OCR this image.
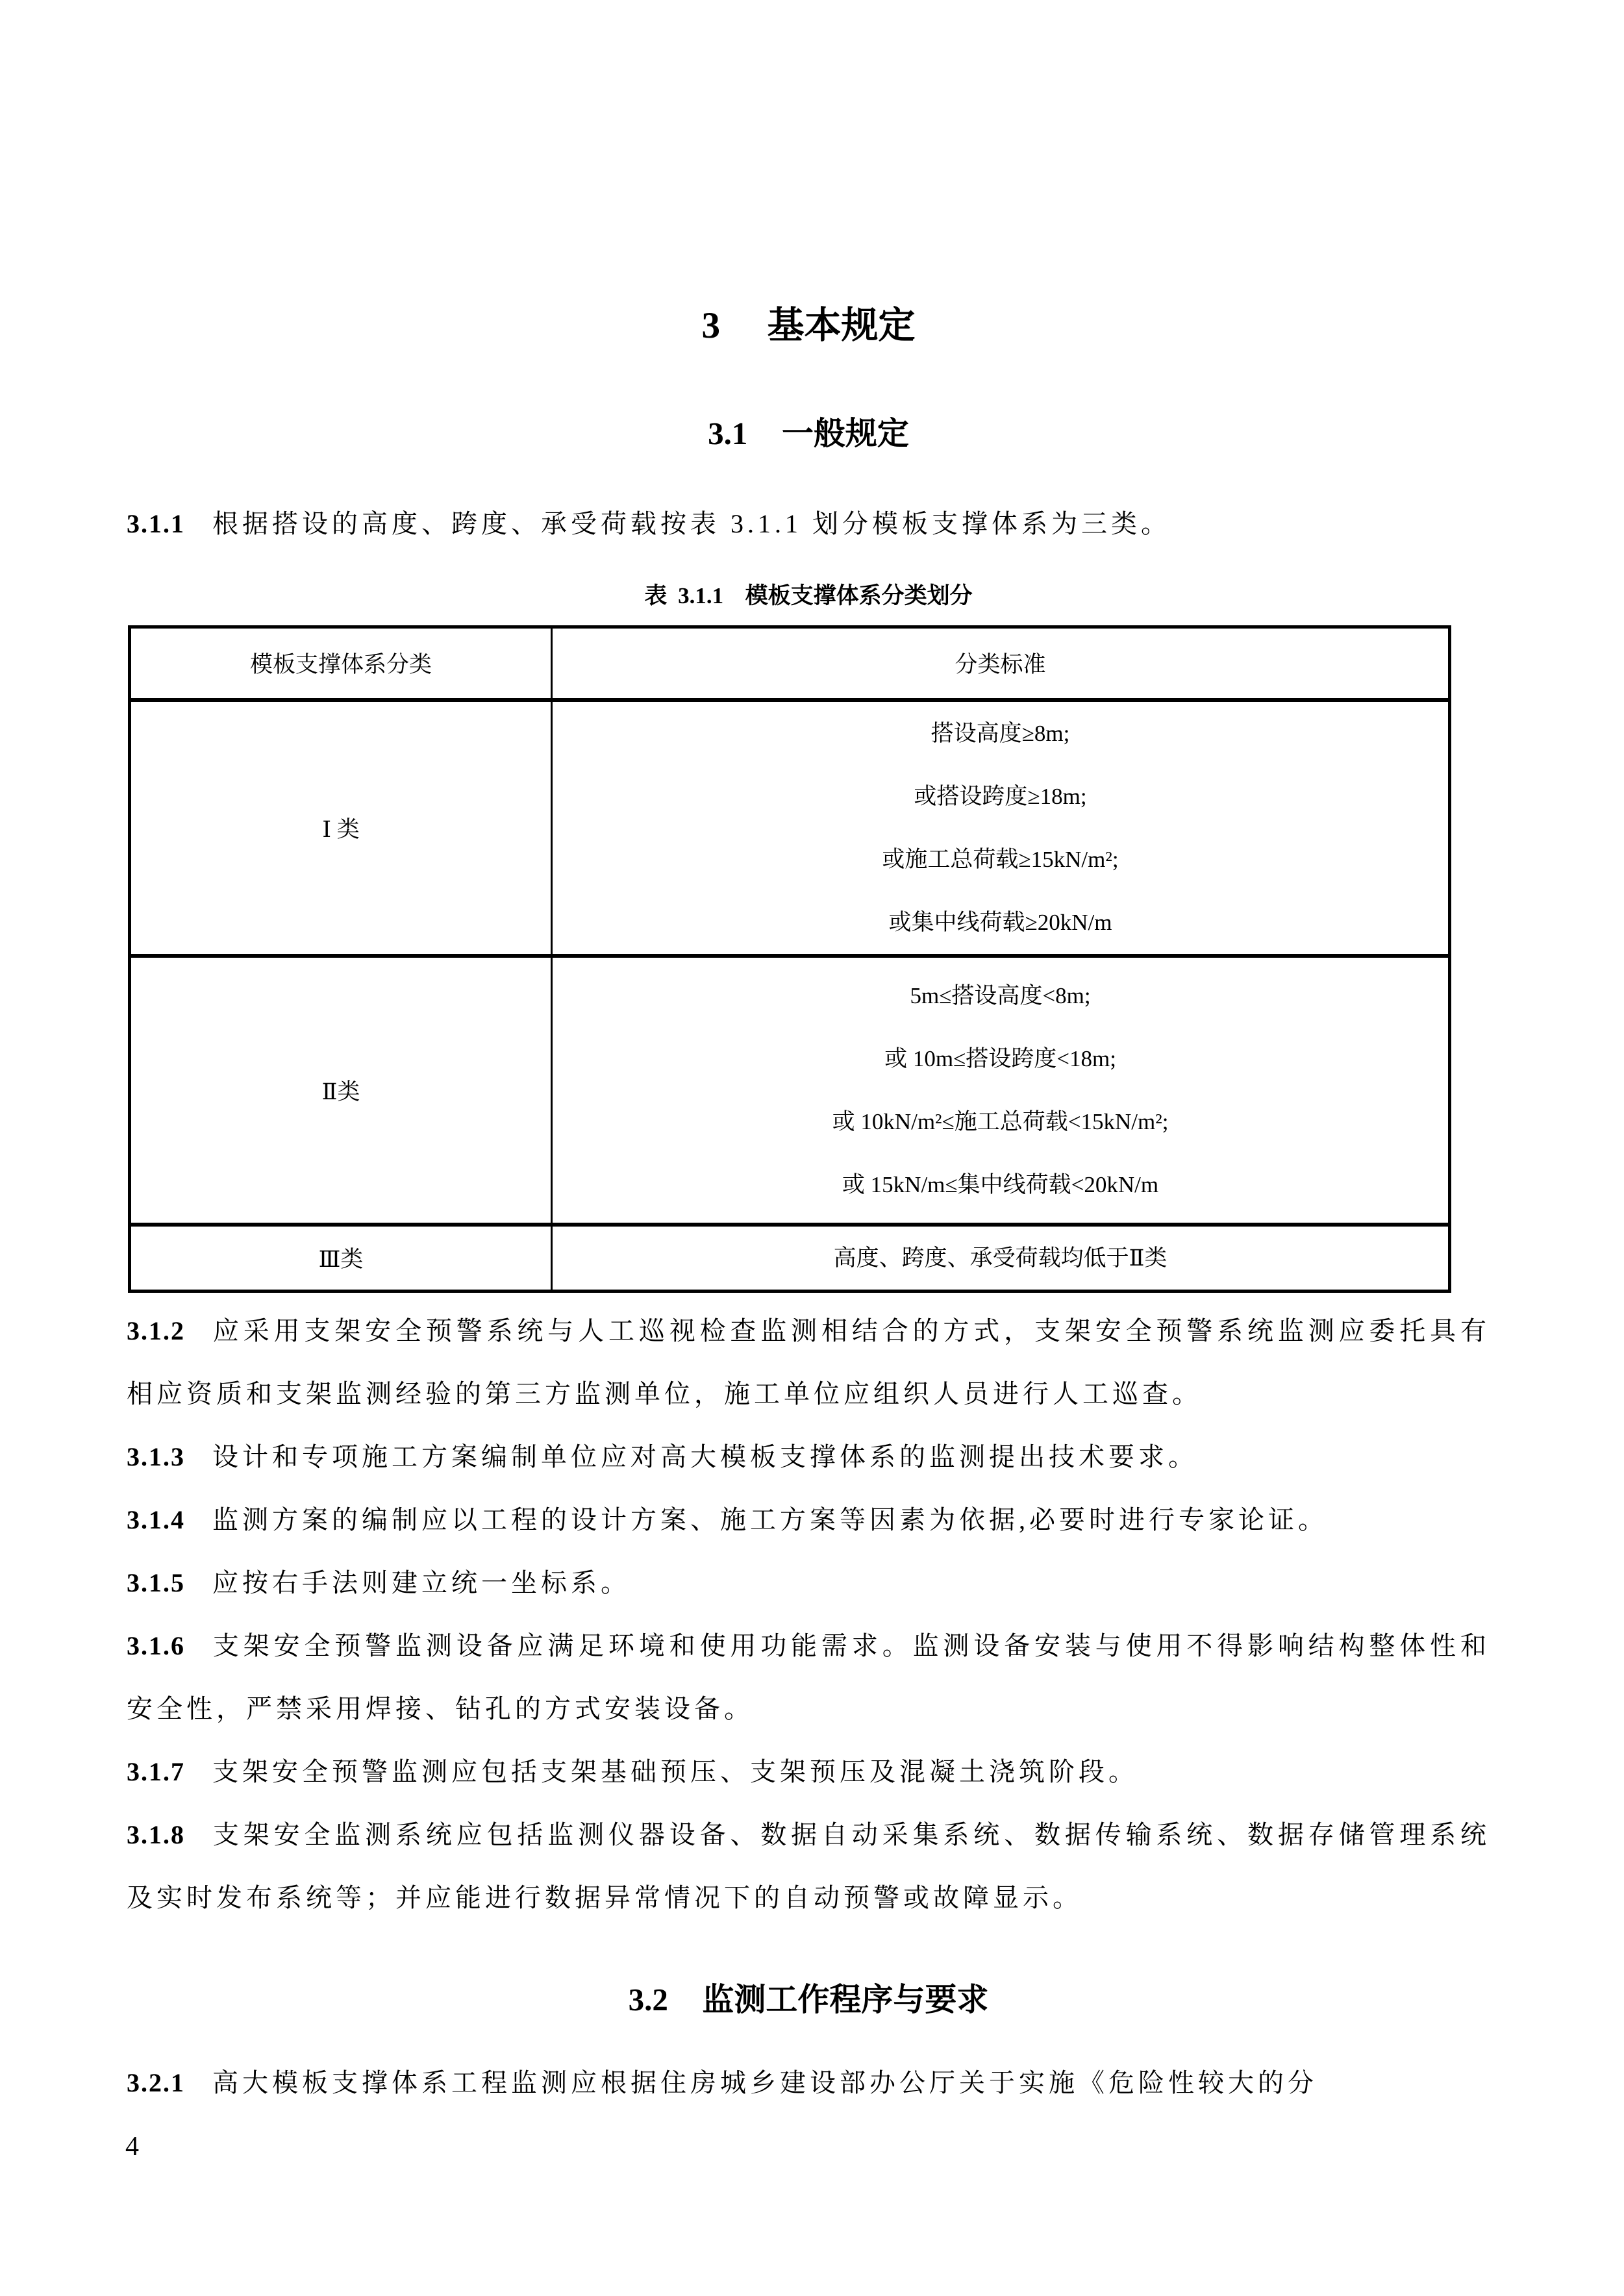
3  基本规定
3.1  一般规定

3.1.1 根据搭设的高度、跨度、承受荷载按表 3.1.1 划分模板支撑体系为三类。

表 3.1.1  模板支撑体系分类划分
模板支撑体系分类	分类标准
Ⅰ 类	搭设高度≥8m;
或搭设跨度≥18m;
或施工总荷载≥15kN/m²;
或集中线荷载≥20kN/m

Ⅱ类	5m≤搭设高度<8m;
或 10m≤搭设跨度<18m;
或 10kN/m²≤施工总荷载<15kN/m²;
或 15kN/m≤集中线荷载<20kN/m

Ⅲ类	高度、跨度、承受荷载均低于Ⅱ类

3.1.2 应采用支架安全预警系统与人工巡视检查监测相结合的方式，支架安全预警系统监测应委托具有相应资质和支架监测经验的第三方监测单位，施工单位应组织人员进行人工巡查。

3.1.3 设计和专项施工方案编制单位应对高大模板支撑体系的监测提出技术要求。

3.1.4 监测方案的编制应以工程的设计方案、施工方案等因素为依据,必要时进行专家论证。

3.1.5 应按右手法则建立统一坐标系。

3.1.6 支架安全预警监测设备应满足环境和使用功能需求。监测设备安装与使用不得影响结构整体性和安全性，严禁采用焊接、钻孔的方式安装设备。

3.1.7 支架安全预警监测应包括支架基础预压、支架预压及混凝土浇筑阶段。

3.1.8 支架安全监测系统应包括监测仪器设备、数据自动采集系统、数据传输系统、数据存储管理系统及实时发布系统等；并应能进行数据异常情况下的自动预警或故障显示。

3.2  监测工作程序与要求

3.2.1 高大模板支撑体系工程监测应根据住房城乡建设部办公厅关于实施《危险性较大的分

4
